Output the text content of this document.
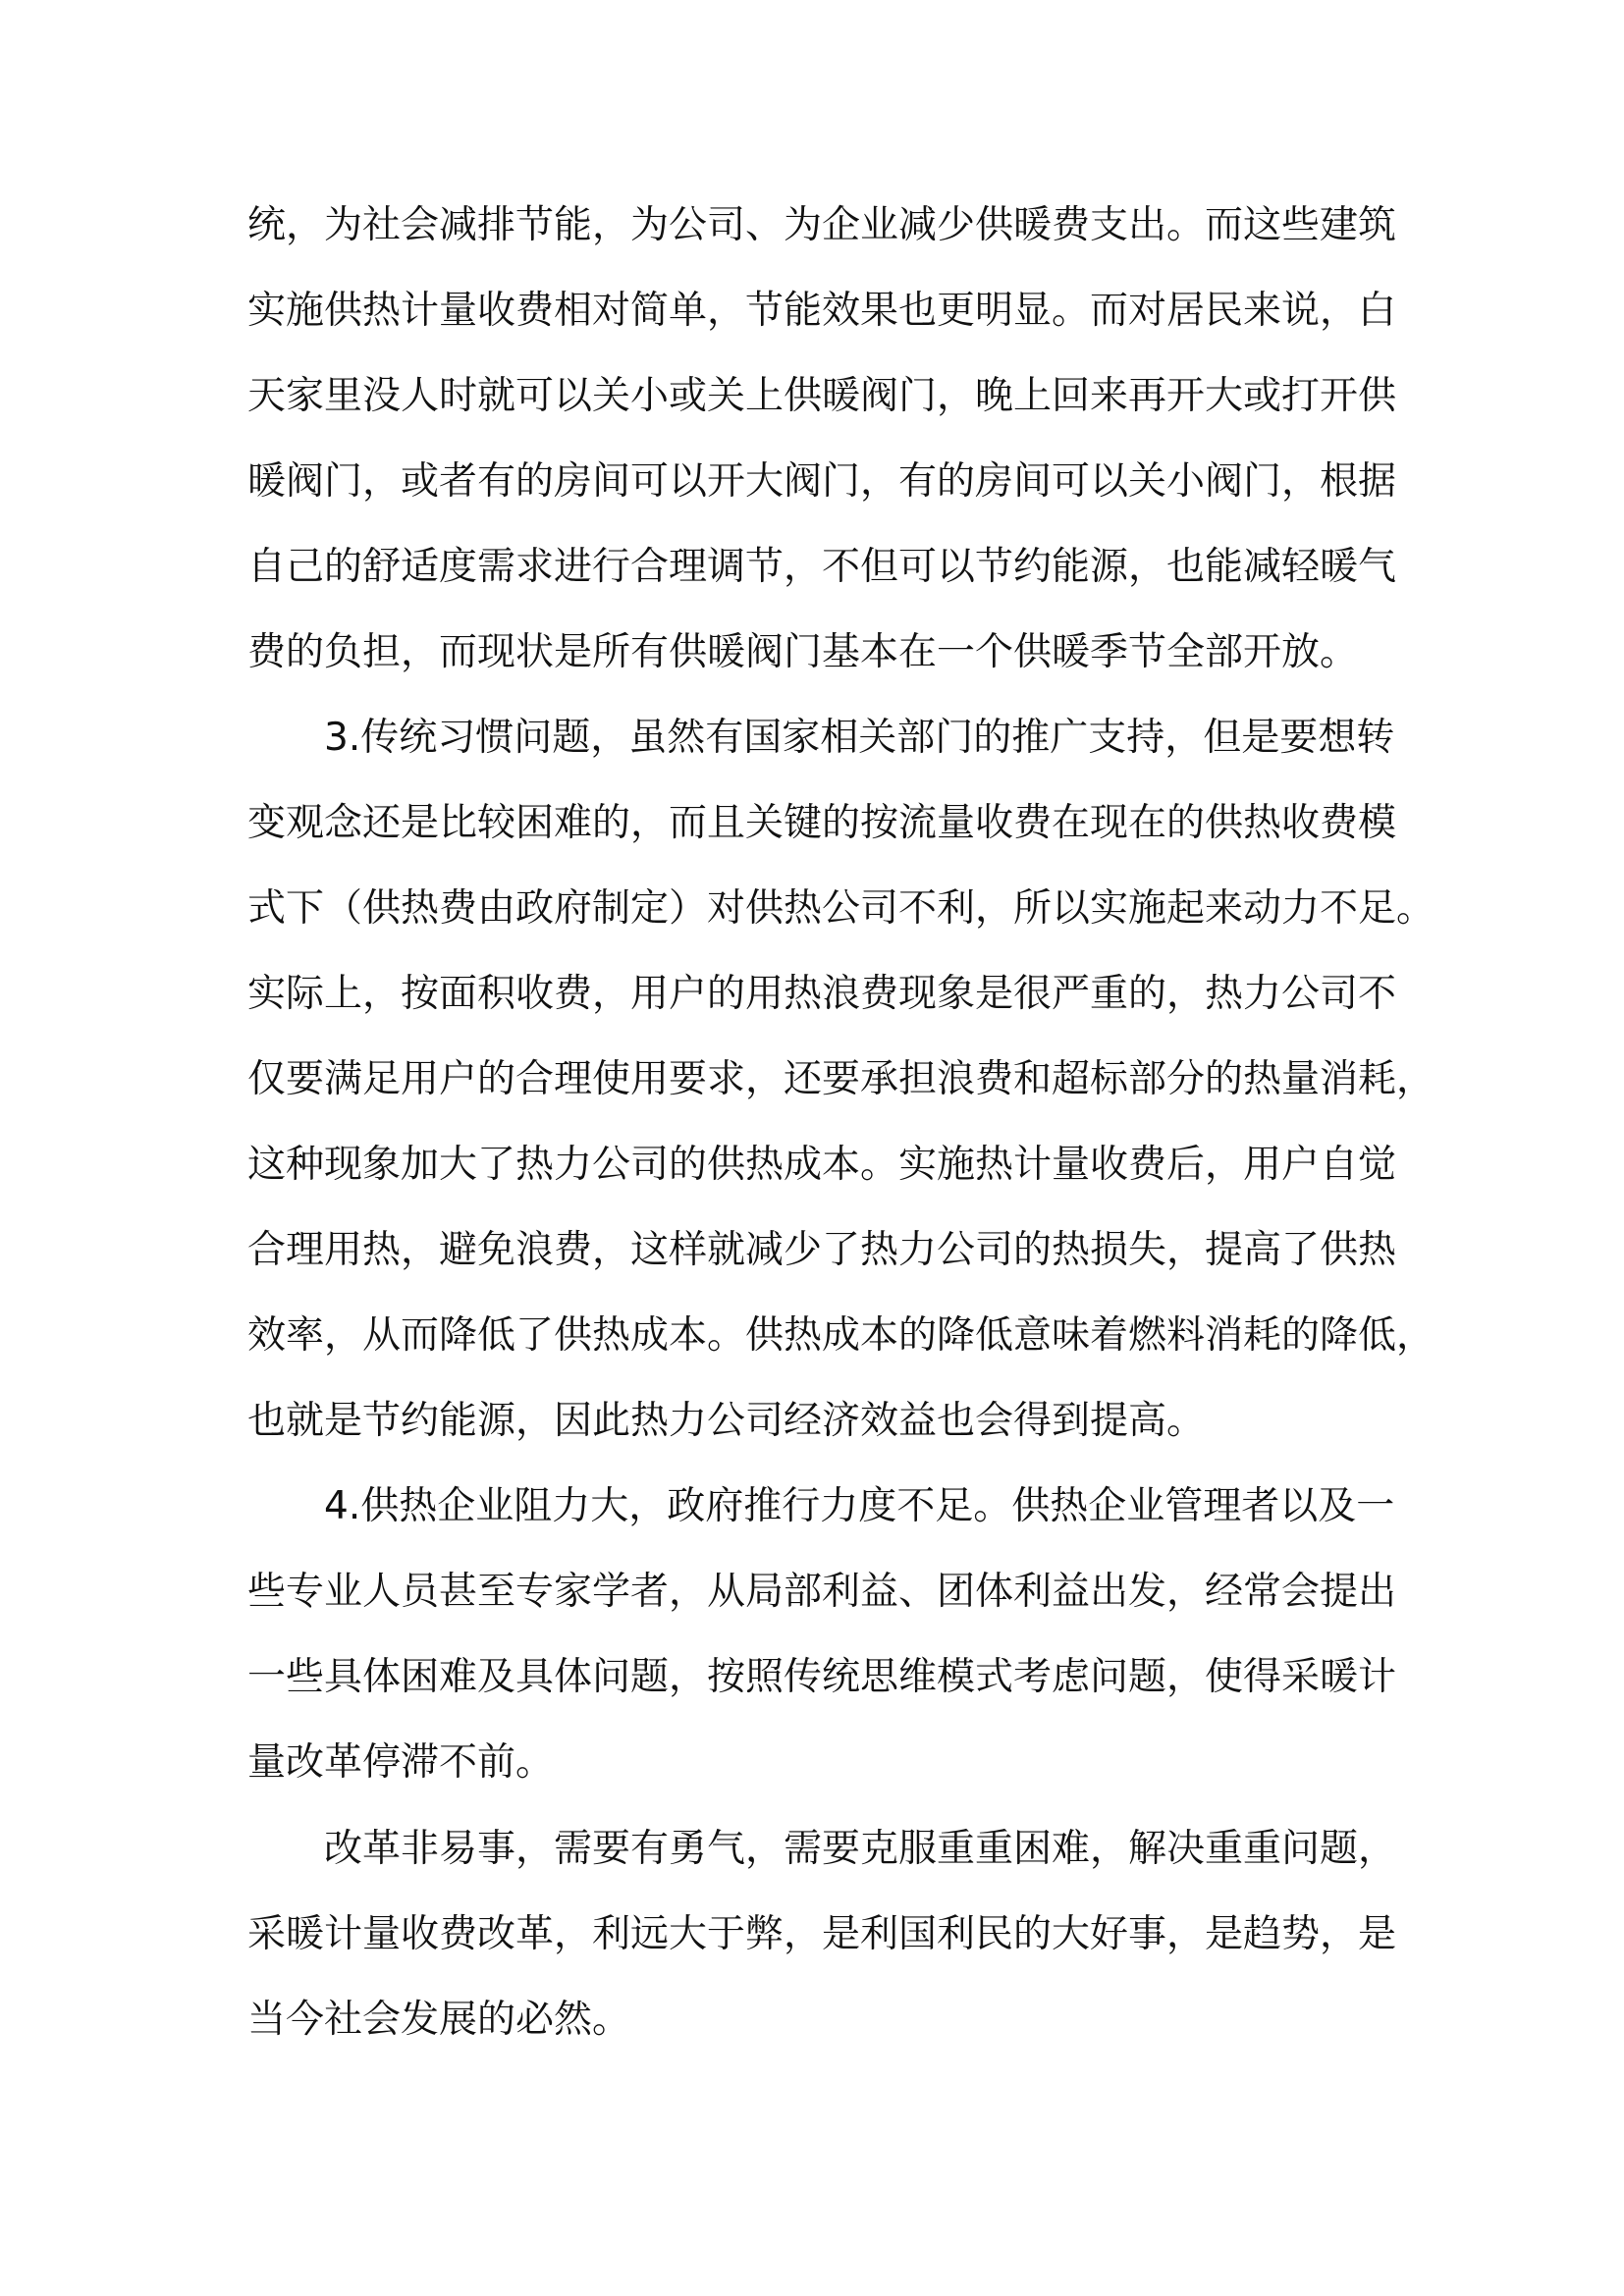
统，为社会减排节能，为公司、为企业减少供暖费支出。而这些建筑

实施供热计量收费相对简单，节能效果也更明显。而对居民来说，白

天家里没人时就可以关小或关上供暖阀门，晚上回来再开大或打开供

暖阀门，或者有的房间可以开大阀门，有的房间可以关小阀门，根据

自己的舒适度需求进行合理调节，不但可以节约能源，也能减轻暖气

费的负担，而现状是所有供暖阀门基本在一个供暖季节全部开放。

3.传统习惯问题，虽然有国家相关部门的推广支持，但是要想转

变观念还是比较困难的，而且关键的按流量收费在现在的供热收费模

式下（供热费由政府制定）对供热公司不利，所以实施起来动力不足。

实际上，按面积收费，用户的用热浪费现象是很严重的，热力公司不

仅要满足用户的合理使用要求，还要承担浪费和超标部分的热量消耗，

这种现象加大了热力公司的供热成本。实施热计量收费后，用户自觉

合理用热，避免浪费，这样就减少了热力公司的热损失，提高了供热

效率，从而降低了供热成本。供热成本的降低意味着燃料消耗的降低，

也就是节约能源，因此热力公司经济效益也会得到提高。

4.供热企业阻力大，政府推行力度不足。供热企业管理者以及一

些专业人员甚至专家学者，从局部利益、团体利益出发，经常会提出

一些具体困难及具体问题，按照传统思维模式考虑问题，使得采暖计

量改革停滞不前。

改革非易事，需要有勇气，需要克服重重困难，解决重重问题，

采暖计量收费改革，利远大于弊，是利国利民的大好事，是趋势，是

当今社会发展的必然。
